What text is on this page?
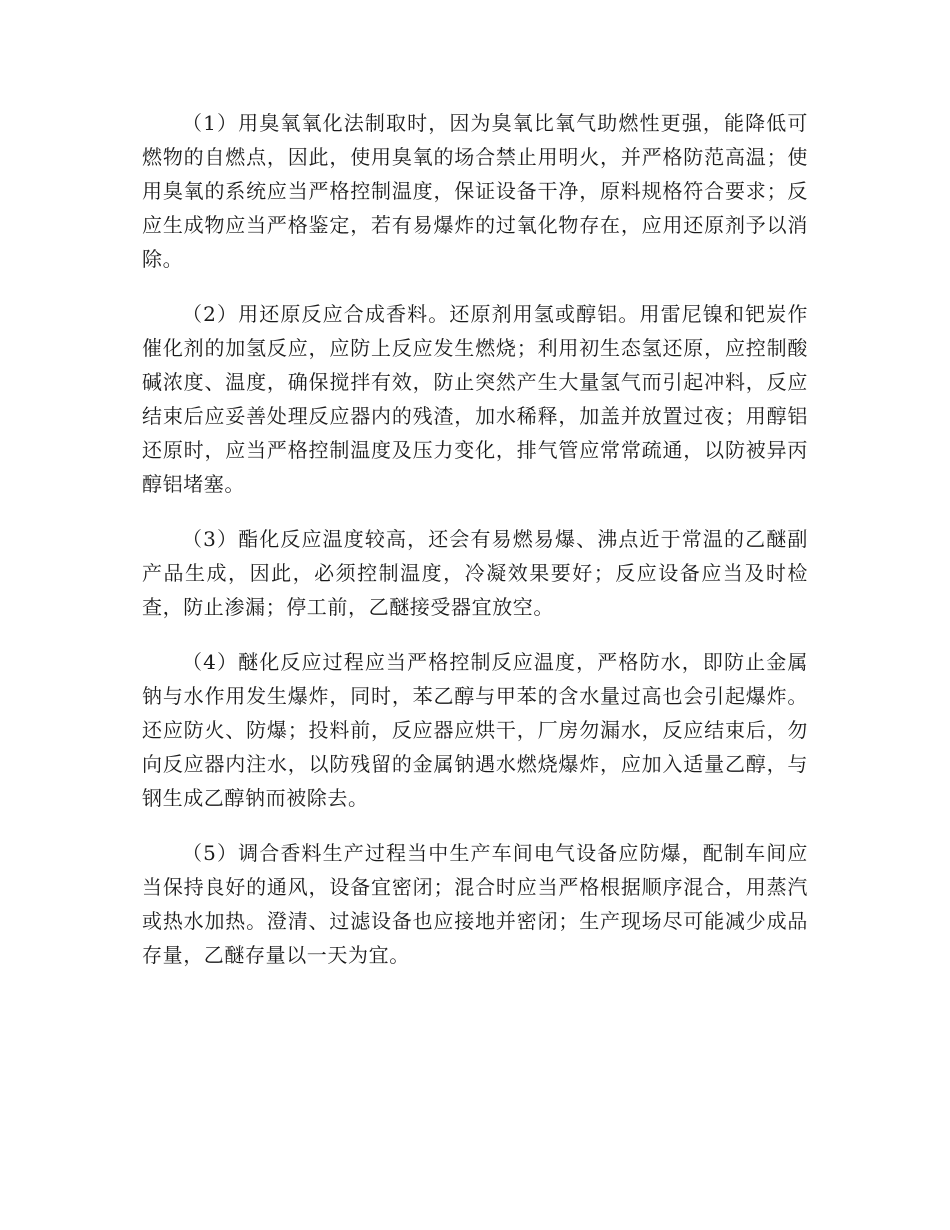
（1）用臭氧氧化法制取时，因为臭氧比氧气助燃性更强，能降低可燃物的自燃点，因此，使用臭氧的场合禁止用明火，并严格防范高温；使用臭氧的系统应当严格控制温度，保证设备干净，原料规格符合要求；反应生成物应当严格鉴定，若有易爆炸的过氧化物存在，应用还原剂予以消除。

（2）用还原反应合成香料。还原剂用氢或醇铝。用雷尼镍和钯炭作催化剂的加氢反应，应防上反应发生燃烧；利用初生态氢还原，应控制酸碱浓度、温度，确保搅拌有效，防止突然产生大量氢气而引起冲料，反应结束后应妥善处理反应器内的残渣，加水稀释，加盖并放置过夜；用醇铝还原时，应当严格控制温度及压力变化，排气管应常常疏通，以防被异丙醇铝堵塞。

（3）酯化反应温度较高，还会有易燃易爆、沸点近于常温的乙醚副产品生成，因此，必须控制温度，冷凝效果要好；反应设备应当及时检查，防止渗漏；停工前，乙醚接受器宜放空。

（4）醚化反应过程应当严格控制反应温度，严格防水，即防止金属钠与水作用发生爆炸，同时，苯乙醇与甲苯的含水量过高也会引起爆炸。还应防火、防爆；投料前，反应器应烘干，厂房勿漏水，反应结束后，勿向反应器内注水，以防残留的金属钠遇水燃烧爆炸，应加入适量乙醇，与钢生成乙醇钠而被除去。

（5）调合香料生产过程当中生产车间电气设备应防爆，配制车间应当保持良好的通风，设备宜密闭；混合时应当严格根据顺序混合，用蒸汽或热水加热。澄清、过滤设备也应接地并密闭；生产现场尽可能减少成品存量，乙醚存量以一天为宜。
